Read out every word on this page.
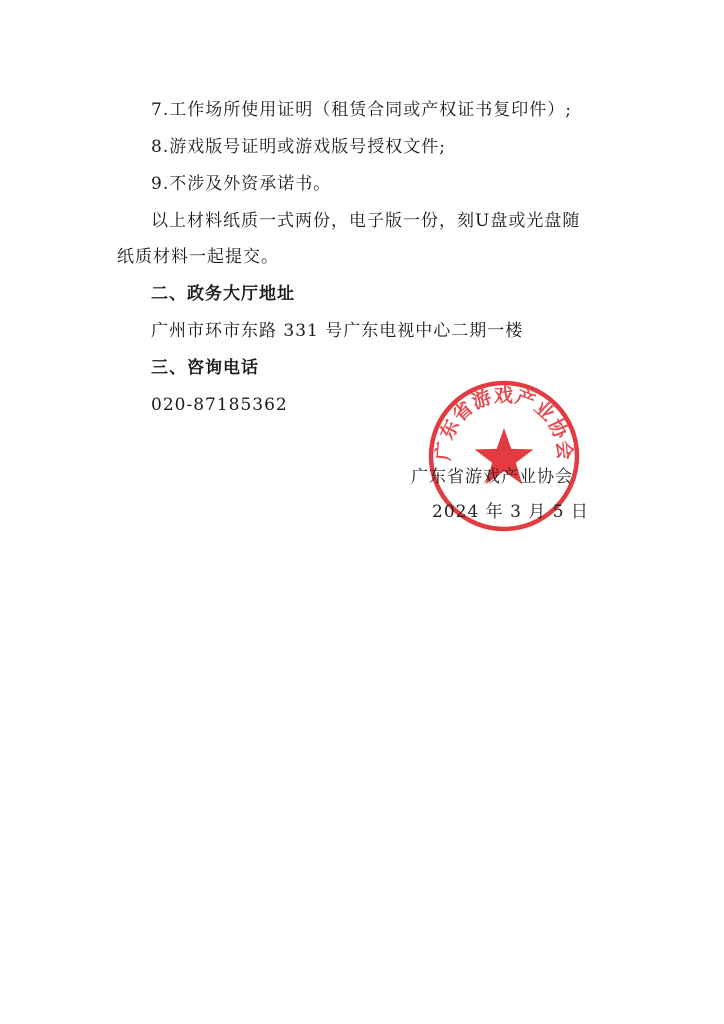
7.工作场所使用证明（租赁合同或产权证书复印件）;
8.游戏版号证明或游戏版号授权文件;
9.不涉及外资承诺书。
以上材料纸质一式两份，电子版一份，刻U盘或光盘随
纸质材料一起提交。
二、政务大厅地址
广州市环市东路 331 号广东电视中心二期一楼
三、咨询电话
020-87185362
广东省游戏产业协会
广东省游戏产业协会
2024 年 3 月 5 日
